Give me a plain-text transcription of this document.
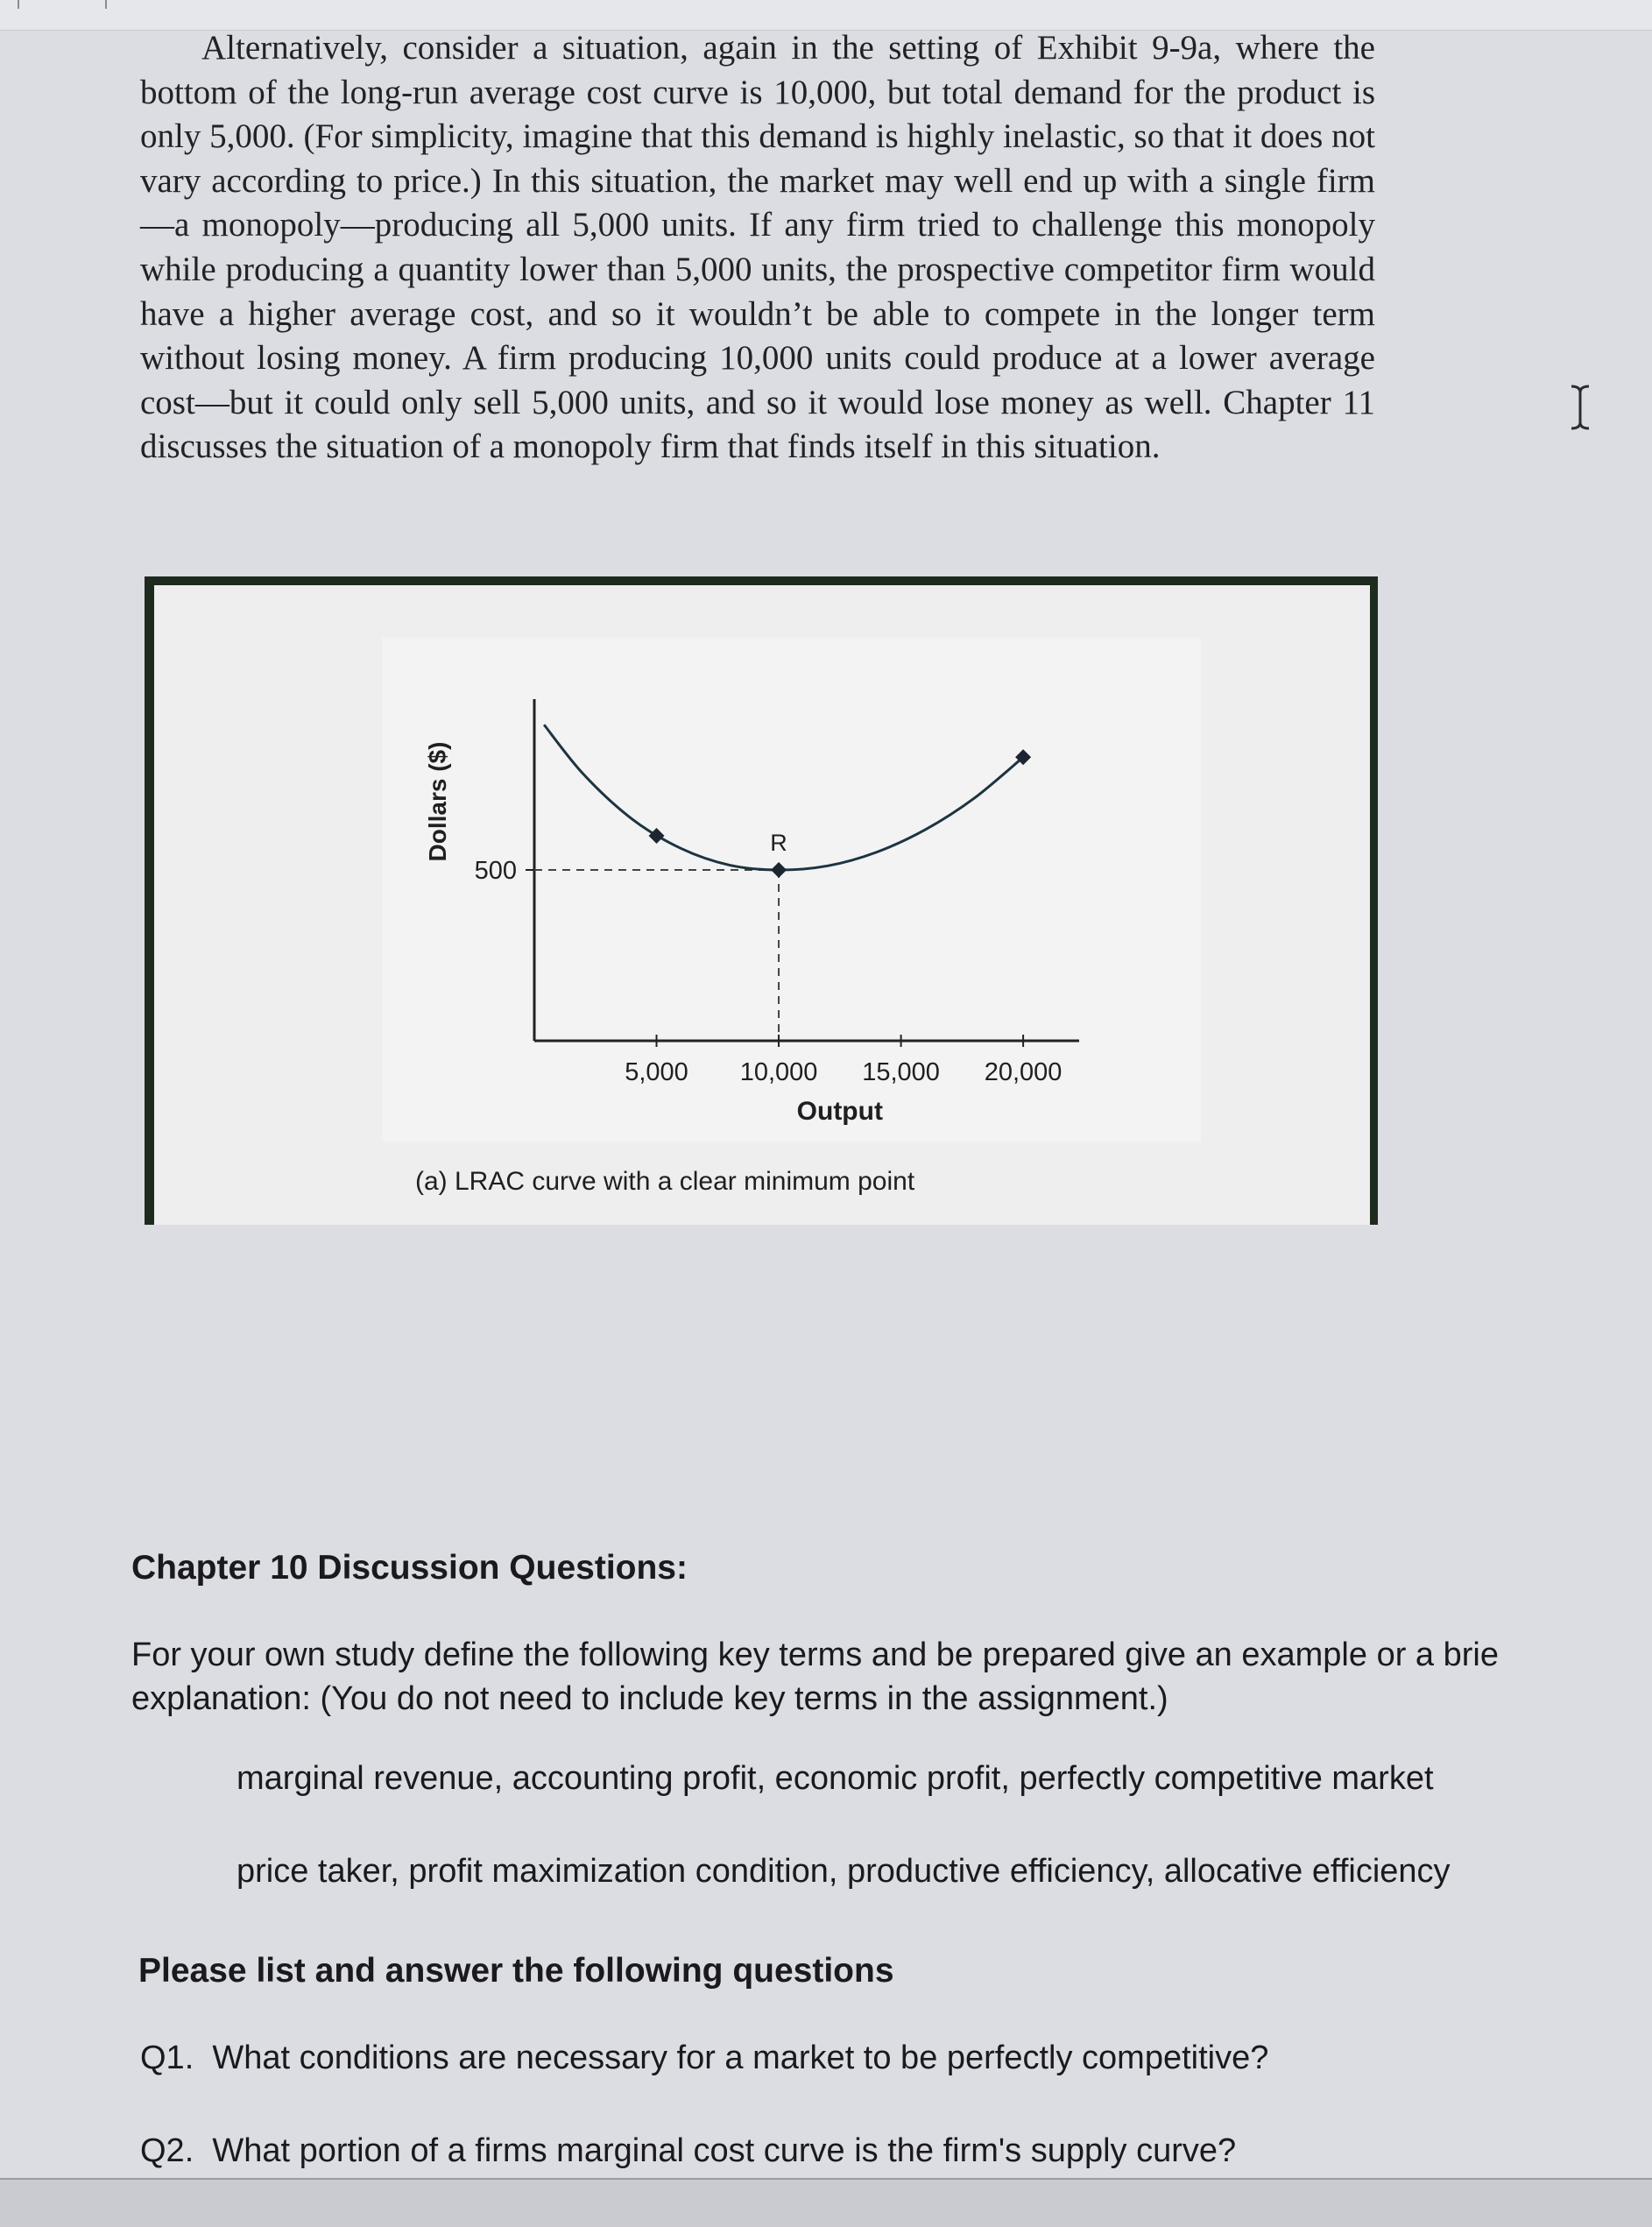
Alternatively, consider a situation, again in the setting of Exhibit 9-9a, where the bottom of the long-run average cost curve is 10,000, but total demand for the product is only 5,000. (For simplicity, imagine that this demand is highly inelastic, so that it does not vary according to price.) In this situation, the market may well end up with a single firm—a monopoly—producing all 5,000 units. If any firm tried to challenge this monopoly while producing a quantity lower than 5,000 units, the prospective competitor firm would have a higher average cost, and so it wouldn’t be able to compete in the longer term without losing money. A firm producing 10,000 units could produce at a lower average cost—but it could only sell 5,000 units, and so it would lose money as well. Chapter 11 discusses the situation of a monopoly firm that finds itself in this situation.

5,000 10,000 15,000 20,000
500
Output
Dollars ($)	R
(a) LRAC curve with a clear minimum point
Chapter 10 Discussion Questions:
For your own study define the following key terms and be prepared give an example or a brie
explanation: (You do not need to include key terms in the assignment.)
marginal revenue, accounting profit, economic profit, perfectly competitive market
price taker, profit maximization condition, productive efficiency, allocative efficiency
Please list and answer the following questions
Q1. What conditions are necessary for a market to be perfectly competitive?
Q2. What portion of a firms marginal cost curve is the firm's supply curve?
